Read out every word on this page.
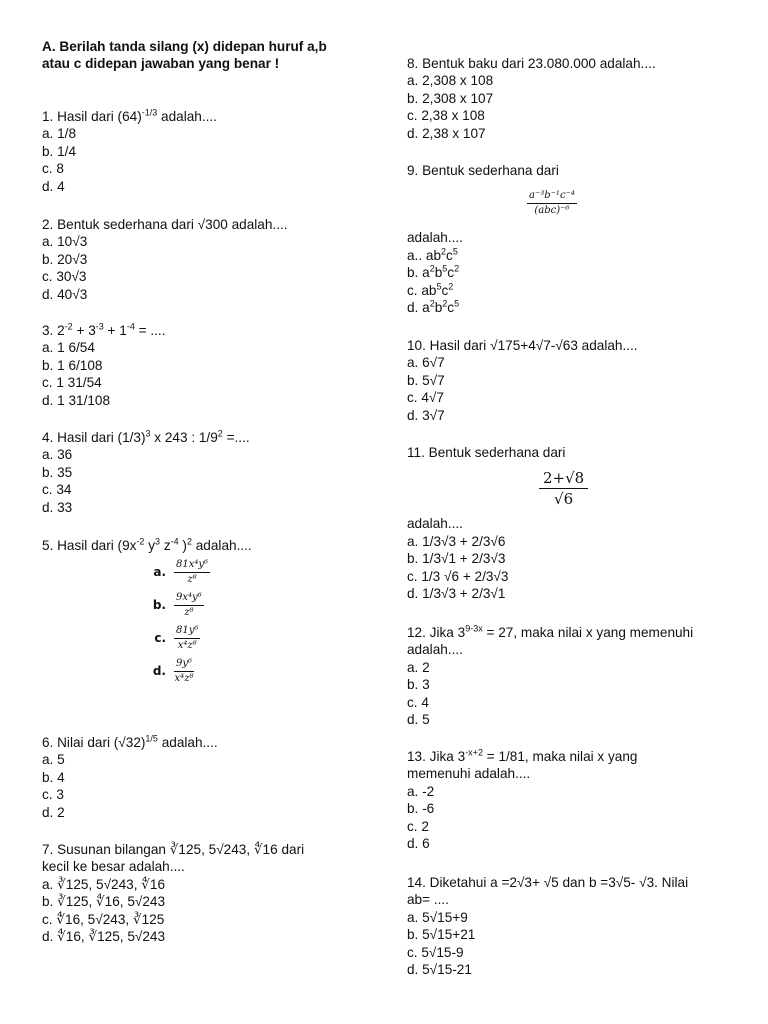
A. Berilah tanda silang (x) didepan huruf a,b
atau c didepan jawaban yang benar !
1. Hasil dari $(64)^{-1/3}$ adalah....
a. 1/8
b. 1/4
c. 8
d. 4
2. Bentuk sederhana dari √300 adalah....
a. 10√3
b. 20√3
c. 30√3
d. 40√3
3. $2^{-2} + 3^{-3} + 1^{-4}$ = ....
a. 1 6/54
b. 1 6/108
c. 1 31/54
d. 1 31/108
4. Hasil dari $(1/3)^3$ x 243 : $1/9^2$ =....
a. 36
b. 35
c. 34
d. 33
5. Hasil dari ($9x^{-2}$ $y^3$ $z^{-4}$ )$^2$ adalah....
a. $\frac{\text{81x⁴y⁶}}{\text{z⁸}}$
b. $\frac{\text{9x⁴y⁶}}{\text{z⁸}}$
c. $\frac{\text{81y⁶}}{\text{x⁴z⁸}}$
d. $\frac{\text{9y⁶}}{\text{x⁴z⁸}}$
6. Nilai dari $(√32)^{1/5}$ adalah....
a. 5
b. 4
c. 3
d. 2
7. Susunan bilangan ∛125, 5√243, ∜16 dari
kecil ke besar adalah....
a. ∛125, 5√243, ∜16
b. ∛125, ∜16, 5√243
c. ∜16, 5√243, ∛125
d. ∜16, ∛125, 5√243
8. Bentuk baku dari 23.080.000 adalah....
a. 2,308 x 108
b. 2,308 x 107
c. 2,38 x 108
d. 2,38 x 107
9. Bentuk sederhana dari
$\frac{\text{a⁻³b⁻¹c⁻⁴}}{\text{(abc)⁻⁶}}$
adalah....
a.. $ab^2c^5$
b. $a^2b^5c^2$
c. $ab^5c^2$
d. $a^2b^2c^5$
10. Hasil dari √175+4√7-√63 adalah....
a. 6√7
b. 5√7
c. 4√7
d. 3√7
11. Bentuk sederhana dari
$\frac{2+√8}{√6}$
adalah....
a. 1/3√3 + 2/3√6
b. 1/3√1 + 2/3√3
c. 1/3 √6 + 2/3√3
d. 1/3√3 + 2/3√1
12. Jika $3^{9-3x} = 27$, maka nilai x yang memenuhi
adalah....
a. 2
b. 3
c. 4
d. 5
13. Jika $3^{-x+2} = 1/81$, maka nilai x yang
memenuhi adalah....
a. -2
b. -6
c. 2
d. 6
14. Diketahui a =2√3+ √5 dan b =3√5- √3. Nilai
ab= ....
a. 5√15+9
b. 5√15+21
c. 5√15-9
d. 5√15-21
